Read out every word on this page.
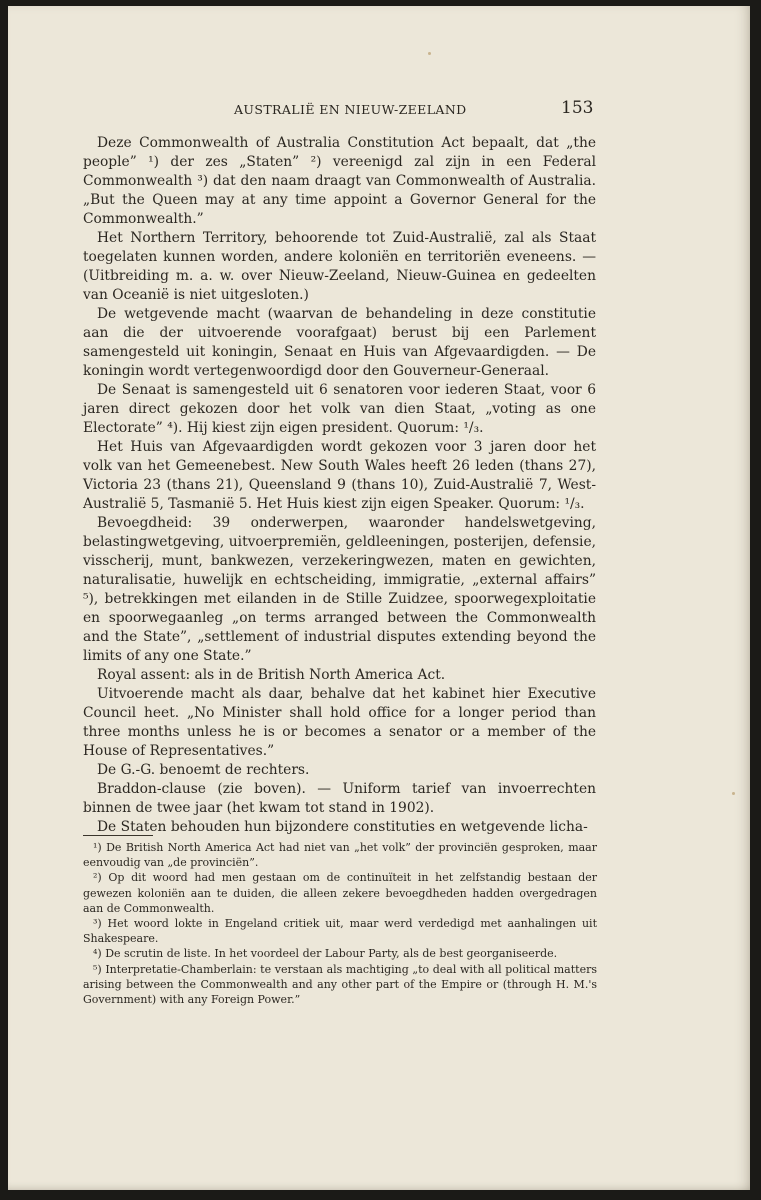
AUSTRALIË EN NIEUW-ZEELAND	153

Deze Commonwealth of Australia Constitution Act bepaalt, dat „the people” ¹) der zes „Staten” ²) vereenigd zal zijn in een Federal Commonwealth ³) dat den naam draagt van Commonwealth of Australia. „But the Queen may at any time appoint a Governor General for the Commonwealth.”

Het Northern Territory, behoorende tot Zuid-Australië, zal als Staat toegelaten kunnen worden, andere koloniën en territoriën eveneens. — (Uitbreiding m. a. w. over Nieuw-Zeeland, Nieuw-Guinea en gedeelten van Oceanië is niet uitgesloten.)

De wetgevende macht (waarvan de behandeling in deze constitutie aan die der uitvoerende voorafgaat) berust bij een Parlement samengesteld uit koningin, Senaat en Huis van Afgevaardigden. — De koningin wordt vertegenwoordigd door den Gouverneur-Generaal.

De Senaat is samengesteld uit 6 senatoren voor iederen Staat, voor 6 jaren direct gekozen door het volk van dien Staat, „voting as one Electorate” ⁴). Hij kiest zijn eigen president. Quorum: ¹/₃.

Het Huis van Afgevaardigden wordt gekozen voor 3 jaren door het volk van het Gemeenebest. New South Wales heeft 26 leden (thans 27), Victoria 23 (thans 21), Queensland 9 (thans 10), Zuid-Australië 7, West-Australië 5, Tasmanië 5. Het Huis kiest zijn eigen Speaker. Quorum: ¹/₃.

Bevoegdheid: 39 onderwerpen, waaronder handelswetgeving, belastingwetgeving, uitvoerpremiën, geldleeningen, posterijen, defensie, visscherij, munt, bankwezen, verzekeringwezen, maten en gewichten, naturalisatie, huwelijk en echtscheiding, immigratie, „external affairs” ⁵), betrekkingen met eilanden in de Stille Zuidzee, spoorwegexploitatie en spoorwegaanleg „on terms arranged between the Commonwealth and the State”, „settlement of industrial disputes extending beyond the limits of any one State.”

Royal assent: als in de British North America Act.

Uitvoerende macht als daar, behalve dat het kabinet hier Executive Council heet. „No Minister shall hold office for a longer period than three months unless he is or becomes a senator or a member of the House of Representatives.”

De G.-G. benoemt de rechters.

Braddon-clause (zie boven). — Uniform tarief van invoerrechten binnen de twee jaar (het kwam tot stand in 1902).

De Staten behouden hun bijzondere constituties en wetgevende licha-

¹) De British North America Act had niet van „het volk” der provinciën gesproken, maar eenvoudig van „de provinciën”.

²) Op dit woord had men gestaan om de continuïteit in het zelfstandig bestaan der gewezen koloniën aan te duiden, die alleen zekere bevoegdheden hadden overgedragen aan de Commonwealth.

³) Het woord lokte in Engeland critiek uit, maar werd verdedigd met aanhalingen uit Shakespeare.

⁴) De scrutin de liste. In het voordeel der Labour Party, als de best georganiseerde.

⁵) Interpretatie-Chamberlain: te verstaan als machtiging „to deal with all political matters arising between the Commonwealth and any other part of the Empire or (through H. M.'s Government) with any Foreign Power.”
